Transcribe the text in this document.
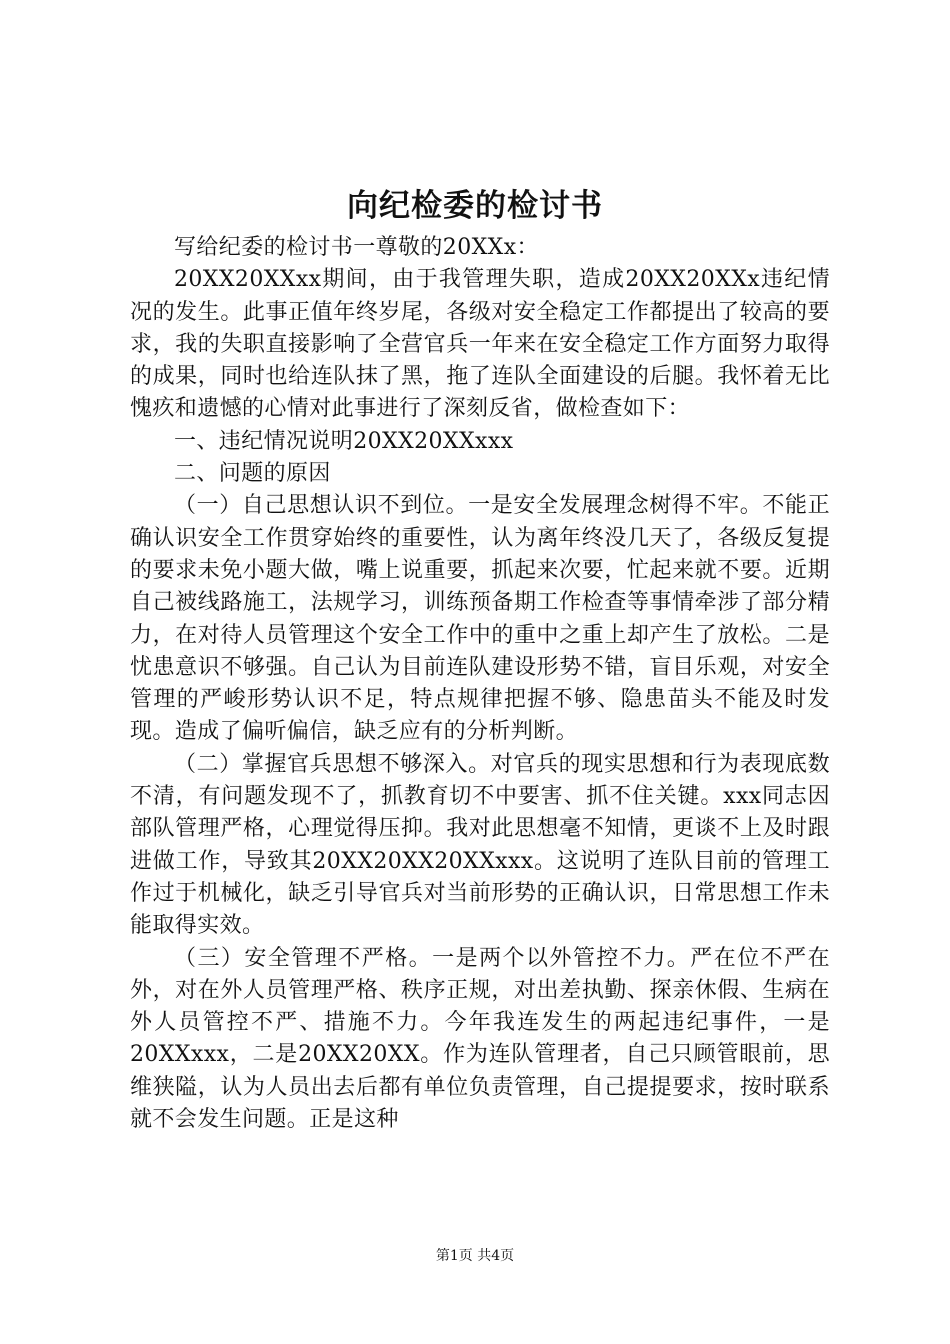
向纪检委的检讨书

写给纪委的检讨书一尊敬的20XXx：

20XX20XXxx期间，由于我管理失职，造成20XX20XXx违纪情况的发生。此事正值年终岁尾，各级对安全稳定工作都提出了较高的要求，我的失职直接影响了全营官兵一年来在安全稳定工作方面努力取得的成果，同时也给连队抹了黑，拖了连队全面建设的后腿。我怀着无比愧疚和遗憾的心情对此事进行了深刻反省，做检查如下：

一、违纪情况说明20XX20XXxxx

二、问题的原因

（一）自己思想认识不到位。一是安全发展理念树得不牢。不能正确认识安全工作贯穿始终的重要性，认为离年终没几天了，各级反复提的要求未免小题大做，嘴上说重要，抓起来次要，忙起来就不要。近期自己被线路施工，法规学习，训练预备期工作检查等事情牵涉了部分精力，在对待人员管理这个安全工作中的重中之重上却产生了放松。二是忧患意识不够强。自己认为目前连队建设形势不错，盲目乐观，对安全管理的严峻形势认识不足，特点规律把握不够、隐患苗头不能及时发现。造成了偏听偏信，缺乏应有的分析判断。

（二）掌握官兵思想不够深入。对官兵的现实思想和行为表现底数不清，有问题发现不了，抓教育切不中要害、抓不住关键。xxx同志因部队管理严格，心理觉得压抑。我对此思想毫不知情，更谈不上及时跟进做工作，导致其20XX20XX20XXxxx。这说明了连队目前的管理工作过于机械化，缺乏引导官兵对当前形势的正确认识，日常思想工作未能取得实效。

（三）安全管理不严格。一是两个以外管控不力。严在位不严在外，对在外人员管理严格、秩序正规，对出差执勤、探亲休假、生病在外人员管控不严、措施不力。今年我连发生的两起违纪事件，一是20XXxxx，二是20XX20XX。作为连队管理者，自己只顾管眼前，思维狭隘，认为人员出去后都有单位负责管理，自己提提要求，按时联系就不会发生问题。正是这种

第1页 共4页
